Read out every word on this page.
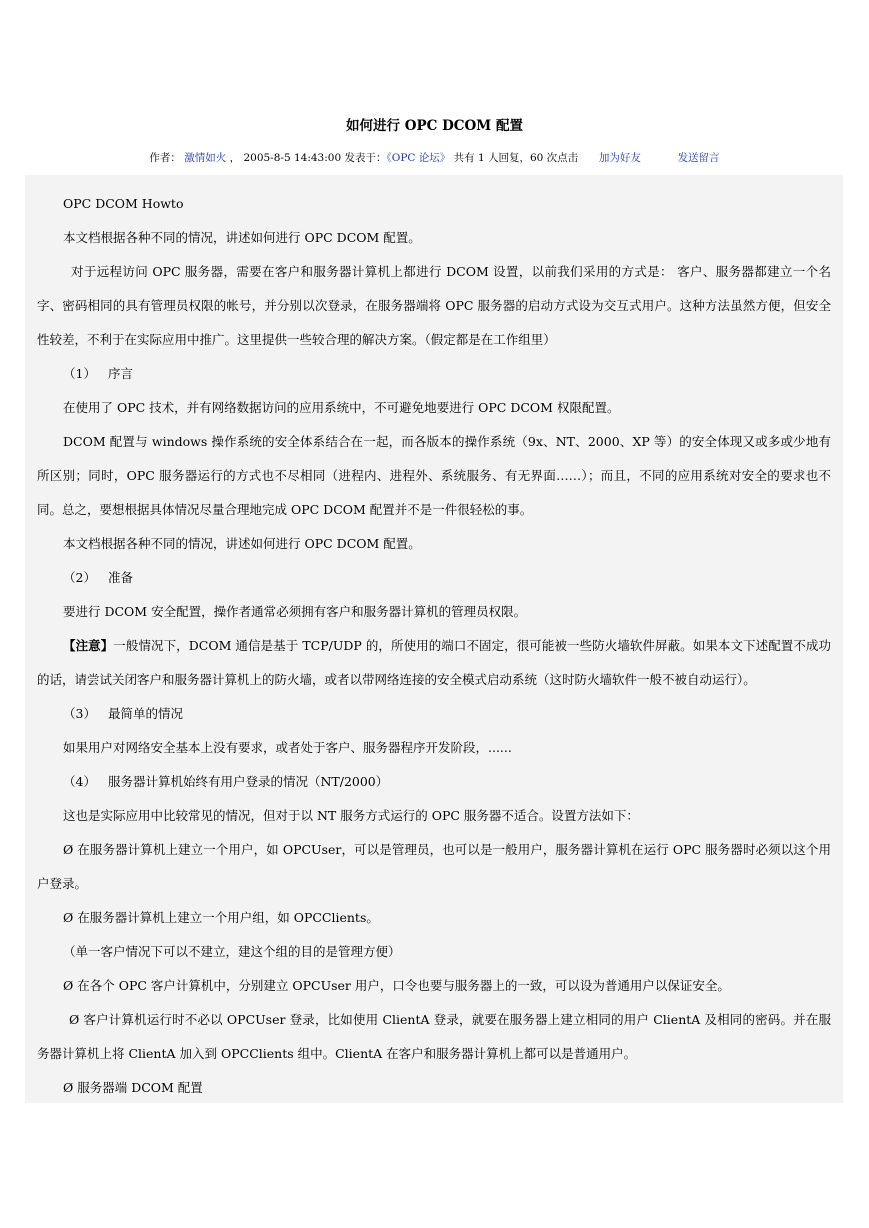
如何进行 OPC DCOM 配置
作者： 激情如火 ， 2005-8-5 14:43:00 发表于：《OPC 论坛》 共有 1 人回复，60 次点击 加为好友	发送留言

OPC DCOM Howto

本文档根据各种不同的情况，讲述如何进行 OPC DCOM 配置。

对于远程访问 OPC 服务器，需要在客户和服务器计算机上都进行 DCOM 设置，以前我们采用的方式是： 客户、服务器都建立一个名字、密码相同的具有管理员权限的帐号，并分别以次登录，在服务器端将 OPC 服务器的启动方式设为交互式用户。这种方法虽然方便，但安全性较差，不利于在实际应用中推广。这里提供一些较合理的解决方案。（假定都是在工作组里）

（1） 序言

在使用了 OPC 技术，并有网络数据访问的应用系统中，不可避免地要进行 OPC DCOM 权限配置。

DCOM 配置与 windows 操作系统的安全体系结合在一起，而各版本的操作系统（9x、NT、2000、XP 等）的安全体现又或多或少地有所区别；同时，OPC 服务器运行的方式也不尽相同（进程内、进程外、系统服务、有无界面……）；而且，不同的应用系统对安全的要求也不同。总之，要想根据具体情况尽量合理地完成 OPC DCOM 配置并不是一件很轻松的事。

本文档根据各种不同的情况，讲述如何进行 OPC DCOM 配置。

（2） 准备

要进行 DCOM 安全配置，操作者通常必须拥有客户和服务器计算机的管理员权限。

【注意】一般情况下，DCOM 通信是基于 TCP/UDP 的，所使用的端口不固定，很可能被一些防火墙软件屏蔽。如果本文下述配置不成功的话，请尝试关闭客户和服务器计算机上的防火墙，或者以带网络连接的安全模式启动系统（这时防火墙软件一般不被自动运行）。

（3） 最简单的情况

如果用户对网络安全基本上没有要求，或者处于客户、服务器程序开发阶段，......

（4） 服务器计算机始终有用户登录的情况（NT/2000）

这也是实际应用中比较常见的情况，但对于以 NT 服务方式运行的 OPC 服务器不适合。设置方法如下：

Ø 在服务器计算机上建立一个用户，如 OPCUser，可以是管理员，也可以是一般用户，服务器计算机在运行 OPC 服务器时必须以这个用户登录。

Ø 在服务器计算机上建立一个用户组，如 OPCClients。

（单一客户情况下可以不建立，建这个组的目的是管理方便）

Ø 在各个 OPC 客户计算机中，分别建立 OPCUser 用户，口令也要与服务器上的一致，可以设为普通用户以保证安全。

Ø 客户计算机运行时不必以 OPCUser 登录，比如使用 ClientA 登录，就要在服务器上建立相同的用户 ClientA 及相同的密码。并在服务器计算机上将 ClientA 加入到 OPCClients 组中。ClientA 在客户和服务器计算机上都可以是普通用户。

Ø 服务器端 DCOM 配置
